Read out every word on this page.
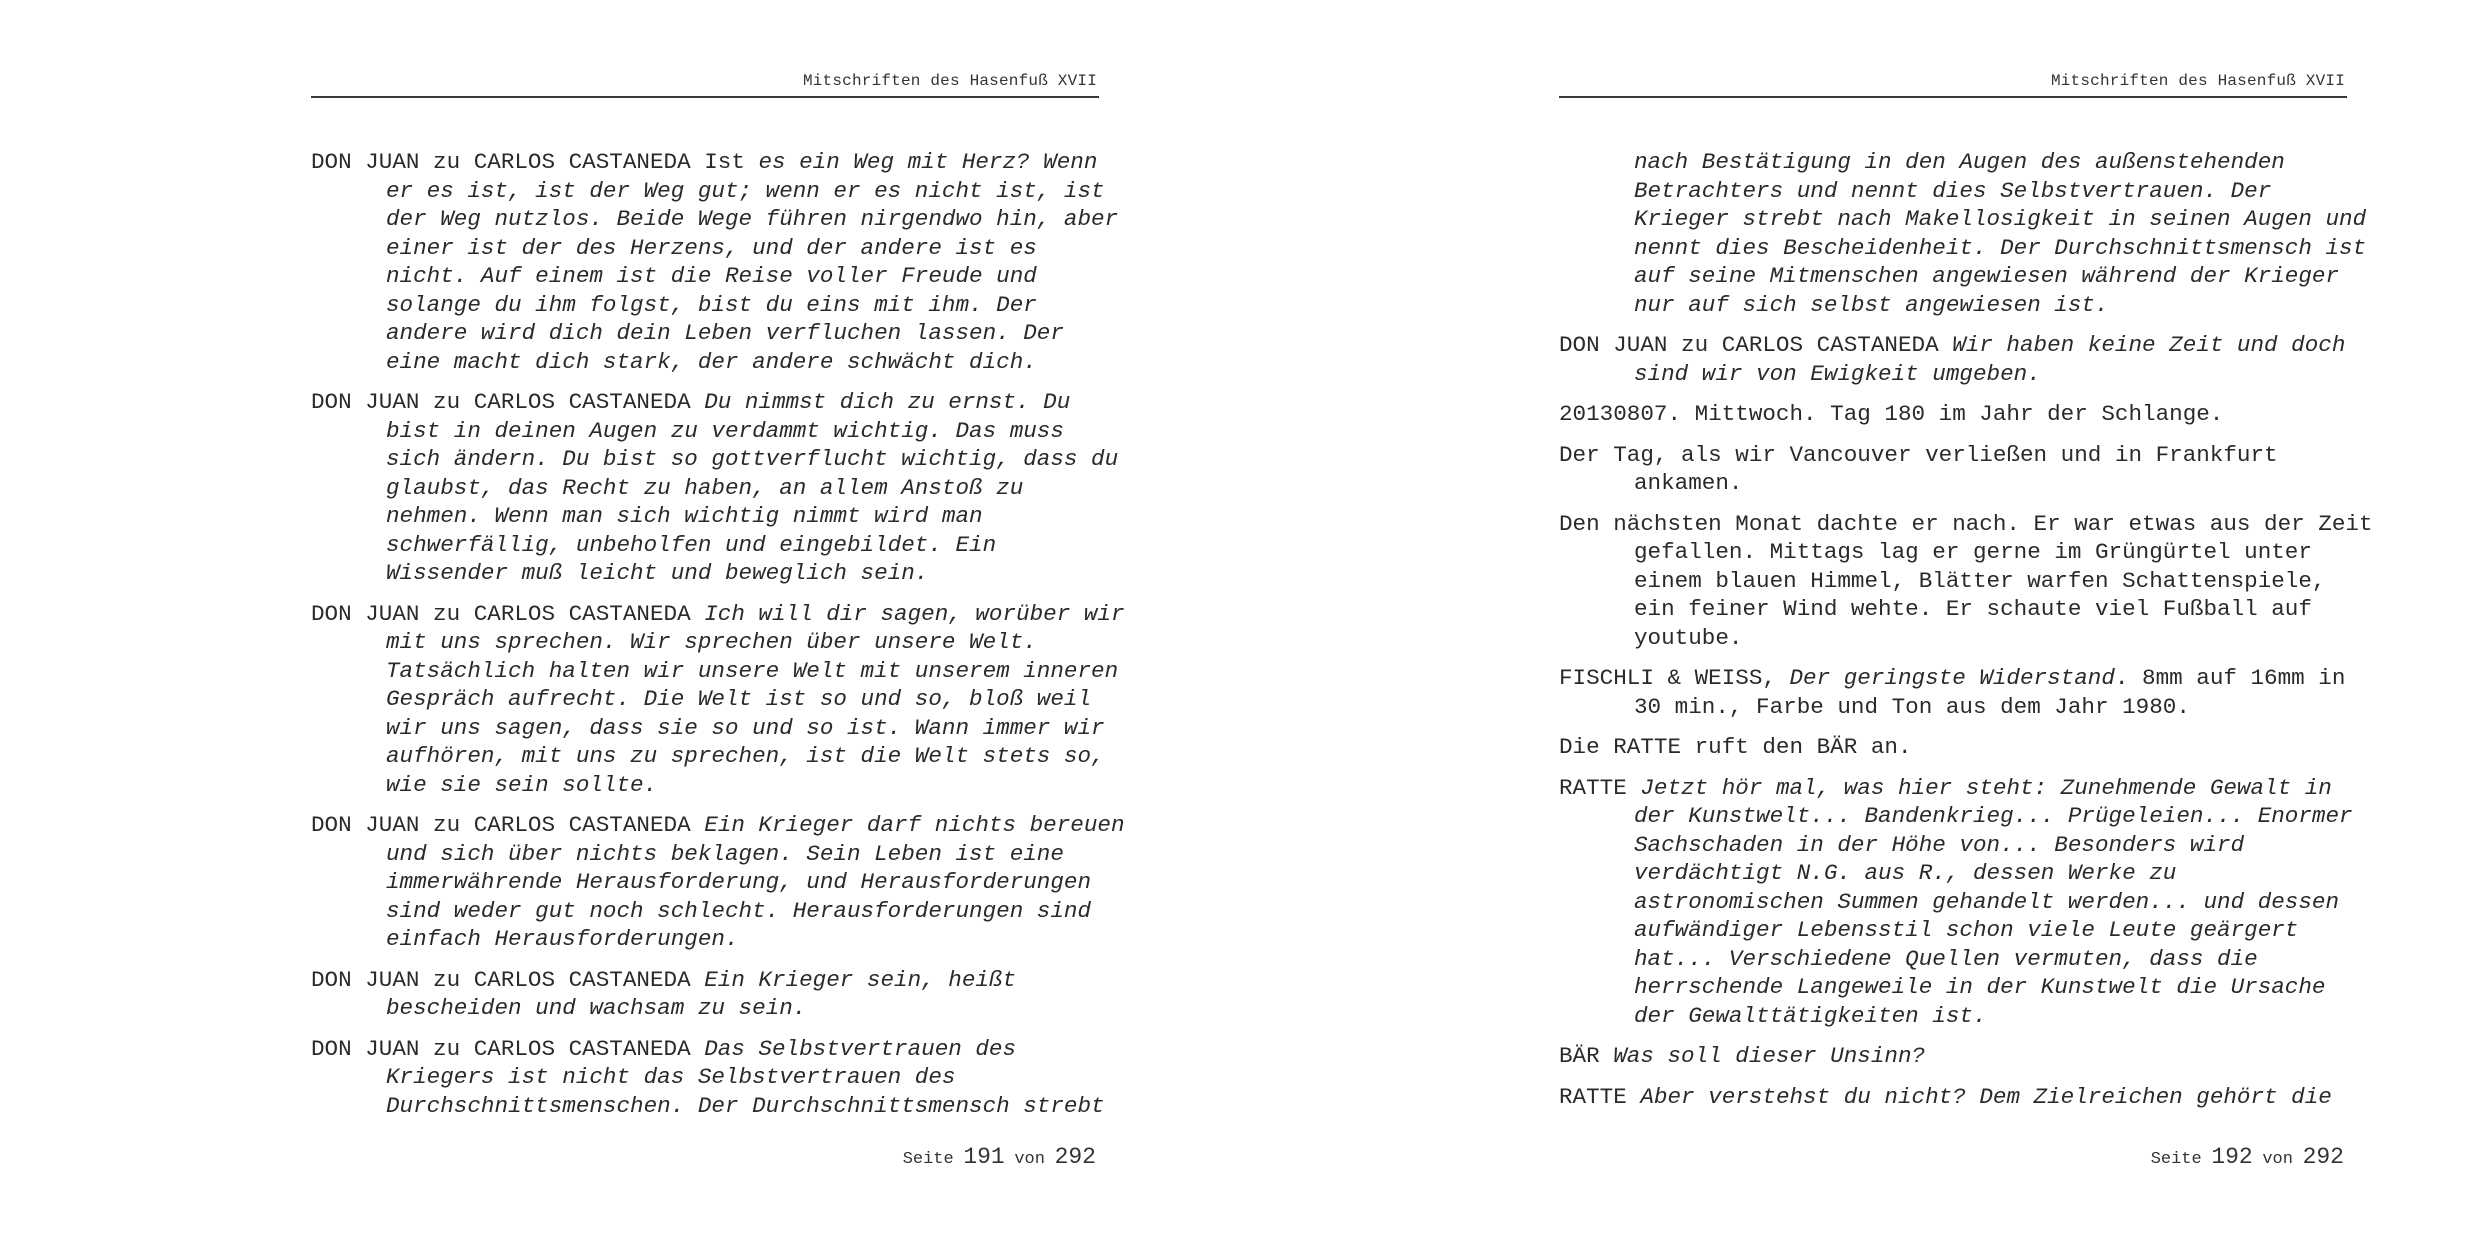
Mitschriften des Hasenfuß XVII

DON JUAN zu CARLOS CASTANEDA Ist es ein Weg mit Herz? Wenn
er es ist, ist der Weg gut; wenn er es nicht ist, ist
der Weg nutzlos. Beide Wege führen nirgendwo hin, aber
einer ist der des Herzens, und der andere ist es
nicht. Auf einem ist die Reise voller Freude und
solange du ihm folgst, bist du eins mit ihm. Der
andere wird dich dein Leben verfluchen lassen. Der
eine macht dich stark, der andere schwächt dich.

DON JUAN zu CARLOS CASTANEDA Du nimmst dich zu ernst. Du
bist in deinen Augen zu verdammt wichtig. Das muss
sich ändern. Du bist so gottverflucht wichtig, dass du
glaubst, das Recht zu haben, an allem Anstoß zu
nehmen. Wenn man sich wichtig nimmt wird man
schwerfällig, unbeholfen und eingebildet. Ein
Wissender muß leicht und beweglich sein.

DON JUAN zu CARLOS CASTANEDA Ich will dir sagen, worüber wir
mit uns sprechen. Wir sprechen über unsere Welt.
Tatsächlich halten wir unsere Welt mit unserem inneren
Gespräch aufrecht. Die Welt ist so und so, bloß weil
wir uns sagen, dass sie so und so ist. Wann immer wir
aufhören, mit uns zu sprechen, ist die Welt stets so,
wie sie sein sollte.

DON JUAN zu CARLOS CASTANEDA Ein Krieger darf nichts bereuen
und sich über nichts beklagen. Sein Leben ist eine
immerwährende Herausforderung, und Herausforderungen
sind weder gut noch schlecht. Herausforderungen sind
einfach Herausforderungen.

DON JUAN zu CARLOS CASTANEDA Ein Krieger sein, heißt
bescheiden und wachsam zu sein.

DON JUAN zu CARLOS CASTANEDA Das Selbstvertrauen des
Kriegers ist nicht das Selbstvertrauen des
Durchschnittsmenschen. Der Durchschnittsmensch strebt

Seite 191 von 292
Mitschriften des Hasenfuß XVII

nach Bestätigung in den Augen des außenstehenden
Betrachters und nennt dies Selbstvertrauen. Der
Krieger strebt nach Makellosigkeit in seinen Augen und
nennt dies Bescheidenheit. Der Durchschnittsmensch ist
auf seine Mitmenschen angewiesen während der Krieger
nur auf sich selbst angewiesen ist.

DON JUAN zu CARLOS CASTANEDA Wir haben keine Zeit und doch
sind wir von Ewigkeit umgeben.

20130807. Mittwoch. Tag 180 im Jahr der Schlange.

Der Tag, als wir Vancouver verließen und in Frankfurt
ankamen.

Den nächsten Monat dachte er nach. Er war etwas aus der Zeit
gefallen. Mittags lag er gerne im Grüngürtel unter
einem blauen Himmel, Blätter warfen Schattenspiele,
ein feiner Wind wehte. Er schaute viel Fußball auf
youtube.

FISCHLI & WEISS, Der geringste Widerstand. 8mm auf 16mm in
30 min., Farbe und Ton aus dem Jahr 1980.

Die RATTE ruft den BÄR an.

RATTE Jetzt hör mal, was hier steht: Zunehmende Gewalt in
der Kunstwelt... Bandenkrieg... Prügeleien... Enormer
Sachschaden in der Höhe von... Besonders wird
verdächtigt N.G. aus R., dessen Werke zu
astronomischen Summen gehandelt werden... und dessen
aufwändiger Lebensstil schon viele Leute geärgert
hat... Verschiedene Quellen vermuten, dass die
herrschende Langeweile in der Kunstwelt die Ursache
der Gewalttätigkeiten ist.

BÄR Was soll dieser Unsinn?

RATTE Aber verstehst du nicht? Dem Zielreichen gehört die

Seite 192 von 292
